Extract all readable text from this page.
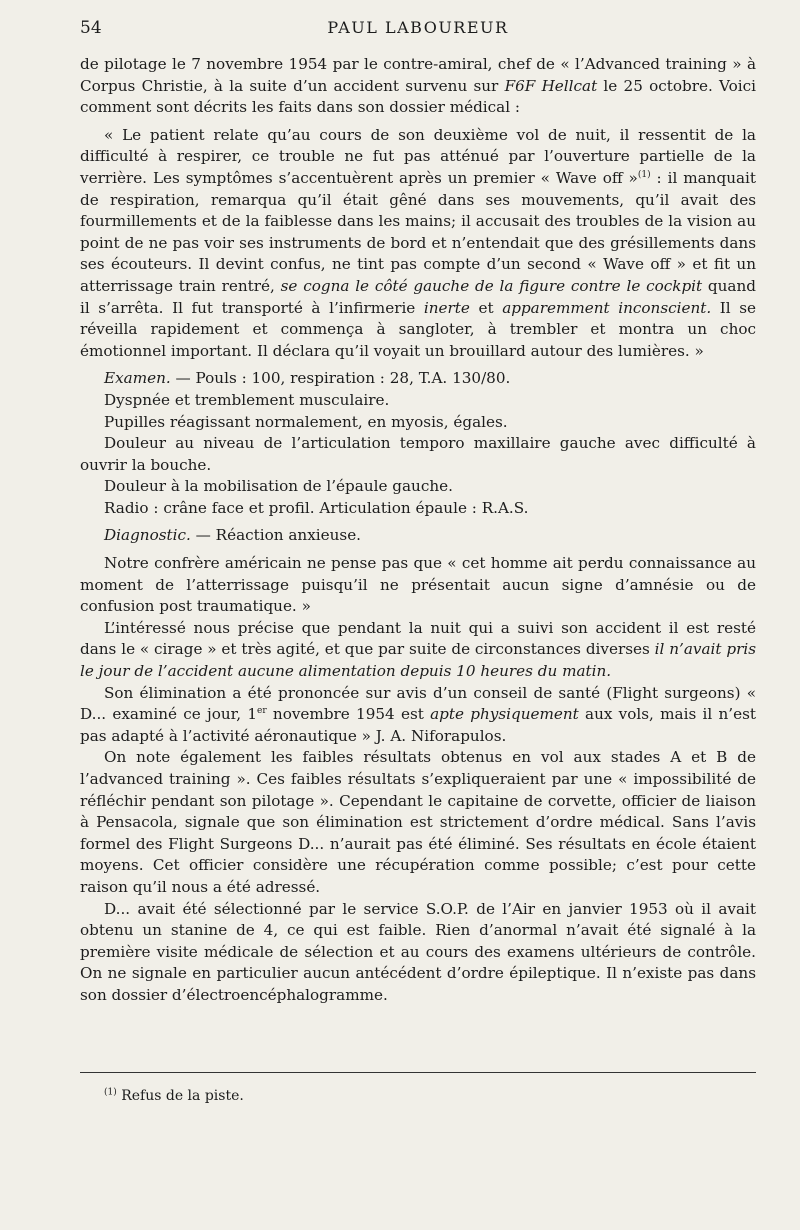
54	PAUL LABOUREUR

de pilotage le 7 novembre 1954 par le contre-amiral, chef de « l’Advanced training » à Corpus Christie, à la suite d’un accident survenu sur F6F Hellcat le 25 octobre. Voici comment sont décrits les faits dans son dossier médical :

« Le patient relate qu’au cours de son deuxième vol de nuit, il ressentit de la difficulté à respirer, ce trouble ne fut pas atténué par l’ouverture partielle de la verrière. Les symptômes s’accentuèrent après un premier « Wave off »$^{(1)}$ : il manquait de respiration, remarqua qu’il était gêné dans ses mouvements, qu’il avait des fourmillements et de la faiblesse dans les mains; il accusait des troubles de la vision au point de ne pas voir ses instruments de bord et n’entendait que des grésillements dans ses écouteurs. Il devint confus, ne tint pas compte d’un second « Wave off » et fit un atterrissage train rentré, se cogna le côté gauche de la figure contre le cockpit quand il s’arrêta. Il fut transporté à l’infirmerie inerte et apparemment inconscient. Il se réveilla rapidement et commença à sangloter, à trembler et montra un choc émotionnel important. Il déclara qu’il voyait un brouillard autour des lumières. »

Examen. — Pouls : 100, respiration : 28, T.A. 130/80.

Dyspnée et tremblement musculaire.

Pupilles réagissant normalement, en myosis, égales.

Douleur au niveau de l’articulation temporo maxillaire gauche avec difficulté à ouvrir la bouche.

Douleur à la mobilisation de l’épaule gauche.

Radio : crâne face et profil. Articulation épaule : R.A.S.

Diagnostic. — Réaction anxieuse.

Notre confrère américain ne pense pas que « cet homme ait perdu connaissance au moment de l’atterrissage puisqu’il ne présentait aucun signe d’amnésie ou de confusion post traumatique. »

L’intéressé nous précise que pendant la nuit qui a suivi son accident il est resté dans le « cirage » et très agité, et que par suite de circonstances diverses il n’avait pris le jour de l’accident aucune alimentation depuis 10 heures du matin.

Son élimination a été prononcée sur avis d’un conseil de santé (Flight surgeons) « D... examiné ce jour, 1er novembre 1954 est apte physiquement aux vols, mais il n’est pas adapté à l’activité aéronautique » J. A. Niforapulos.

On note également les faibles résultats obtenus en vol aux stades A et B de l’advanced training ». Ces faibles résultats s’expliqueraient par une « impossibilité de réfléchir pendant son pilotage ». Cependant le capitaine de corvette, officier de liaison à Pensacola, signale que son élimination est strictement d’ordre médical. Sans l’avis formel des Flight Surgeons D... n’aurait pas été éliminé. Ses résultats en école étaient moyens. Cet officier considère une récupération comme possible; c’est pour cette raison qu’il nous a été adressé.

D... avait été sélectionné par le service S.O.P. de l’Air en janvier 1953 où il avait obtenu un stanine de 4, ce qui est faible. Rien d’anormal n’avait été signalé à la première visite médicale de sélection et au cours des examens ultérieurs de contrôle. On ne signale en particulier aucun antécédent d’ordre épileptique. Il n’existe pas dans son dossier d’électroencéphalogramme.

$^{(1)}$ Refus de la piste.
